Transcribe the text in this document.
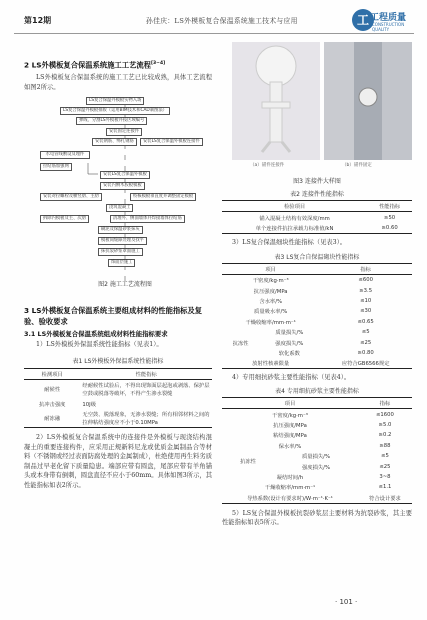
第12期	孙佳庆：LS外模板复合保温系统施工技术与应用	工 工程质量
CONSTRUCTION QUALITY
2 LS外模板复合保温系统施工工艺流程[3~4]

LS外模板复合保温系统的施工工艺已比较成熟，具体工艺流程如图2所示。

LS复合保温外模板实物入场
LS复合保温外模板排版（运用BIM技术和CAD制图法）
弹线、分割LS外模板并按区域编号
安装固定连接件
安装钢筋、绑扎钢筋	安装LS复合保温外模板连接件
水电管线敷设及埋件
拉结筋加强网
安装LS复合保温外模板
安装内侧木胶板模板
安装对拉螺栓及横竖肋、主肋	校核模板垂直度并调整固定模板
浇筑混凝土
拆除内模板及主、次肋	清理外、侧面墙体并焊接墙体拉结筋
刷泥及保温砂浆抹灰
模板间缝隙处理及找平
抹抗裂砂浆罩面施工
饰面层施工
图2 施工工艺流程图
3 LS外模板复合保温系统主要组成材料的性能指标及复验、验收要求
3.1 LS外模板复合保温系统组成材料性能指标要求

1）LS外模板外保温系统性能指标（见表1）。

表1 LS外模板外保温系统性能指标
检测项目	性能指标
耐候性	经耐候性试验后，不得出现饰面层起泡或剥落、保护层空鼓或脱落等破坏，不得产生渗水裂缝
抗冲击强度	10J级
耐冻融	无空鼓、脱落现象，无渗水裂缝；所有相邻材料之间的拉伸粘结强度应不小于0.10MPa

2）LS外模板复合保温系统中的连接件是外模板与现浇结构混凝土的重要连接构件，应采用正规新料尼龙或优质金属制品合等材料（不锈钢或经过表面防腐处理的金属制成），杜绝使用再生料劣质制品过早老化留下质量隐患。端部应带有圆盘，尾部应带有羊角锚头或本身带有倒刺，圆盘直径不应小于60mm。具体如图3所示，其性能指标如表2所示。

（a）锚件连接件	（b）锚件固定
图3 连接件大样图
表2 连接件性能指标
检验项目	性能指标
锚入混凝土结构有效深度/mm	≥50
单个连接件抗拉承载力标准值/kN	≥0.60

3）LS复合保温细块性能指标（见表3）。

表3 LS复合自保温砌块性能指标
项目		指标
干密度/kg·m⁻³		≤600
抗压强度/MPa		≥3.5
含水率/%		≤10
质量吸水率/%		≤30
干燥收缩率/mm·m⁻¹		≤0.65
抗冻性	质量损失/%	≤5
	强度损失/%	≤25
	软化系数	≥0.80
放射性核素限量		应符合GB6566规定

4）专用细抗砂浆主要性能指标（见表4）。

表4 专用细抗砂浆主要性能指标
项目		指标
干密度/kg·m⁻³		≤1600
抗压强度/MPa		≥5.0
粘结强度/MPa		≥0.2
保水率/%		≥88
抗冻性	质量损失/%	≤5
	强度损失/%	≤25
凝结时间/h		3~8
干燥收缩率/mm·m⁻¹		≤1.1
导热系数(设计有要求时)/W·m⁻¹·K⁻¹		符合设计要求

5）LS复合保温外模板抗裂砂浆层主要材料为抗裂砂浆，其主要性能指标如表5所示。

· 101 ·
